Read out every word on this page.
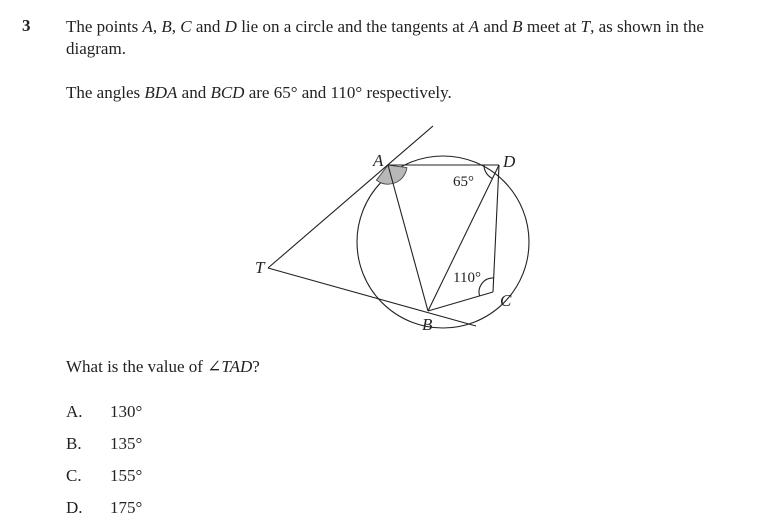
3 The points A, B, C and D lie on a circle and the tangents at A and B meet at T, as shown in the diagram.

The angles BDA and BCD are 65° and 110° respectively.

A	D
T
B
C
65°
110°

What is the value of ∠TAD?

A. 130°
B. 135°
C. 155°
D. 175°
